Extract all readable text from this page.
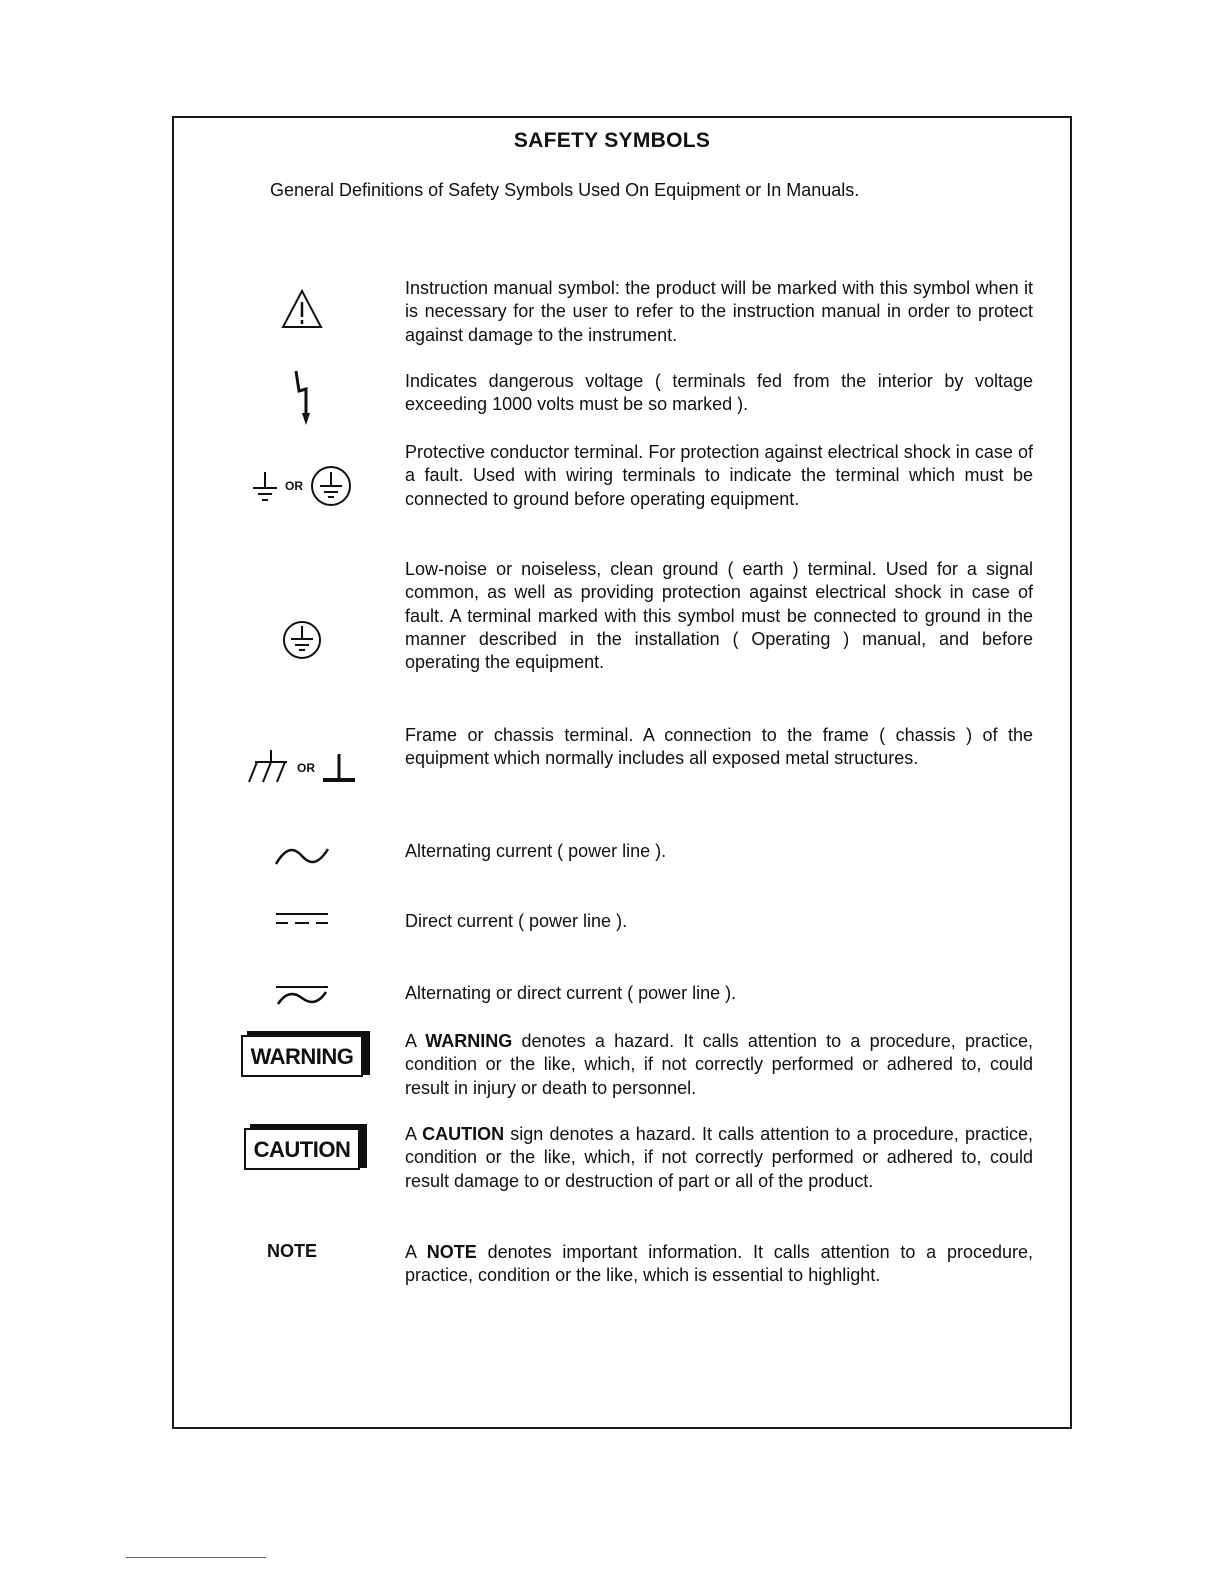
SAFETY SYMBOLS
General Definitions of Safety Symbols Used On Equipment or In Manuals.
Instruction manual symbol: the product will be marked with this symbol when it is necessary for the user to refer to the instruction manual in order to protect against damage to the instrument.
Indicates dangerous voltage ( terminals fed from the interior by voltage exceeding 1000 volts must be so marked ).
OR
Protective conductor terminal. For protection against electrical shock in case of a fault. Used with wiring terminals to indicate the terminal which must be connected to ground before operating equipment.
Low-noise or noiseless, clean ground ( earth ) terminal. Used for a signal common, as well as providing protection against electrical shock in case of fault. A terminal marked with this symbol must be connected to ground in the manner described in the installation ( Operating ) manual, and before operating the equipment.
OR
Frame or chassis terminal. A connection to the frame ( chassis ) of the equipment which normally includes all exposed metal structures.
Alternating current ( power line ).
Direct current ( power line ).
Alternating or direct current ( power line ).
WARNING
A WARNING denotes a hazard. It calls attention to a procedure, practice, condition or the like, which, if not correctly performed or adhered to, could result in injury or death to personnel.
CAUTION
A CAUTION sign denotes a hazard. It calls attention to a procedure, practice, condition or the like, which, if not correctly performed or adhered to, could result damage to or destruction of part or all of the product.
NOTE	A NOTE denotes important information. It calls attention to a procedure, practice, condition or the like, which is essential to highlight.
